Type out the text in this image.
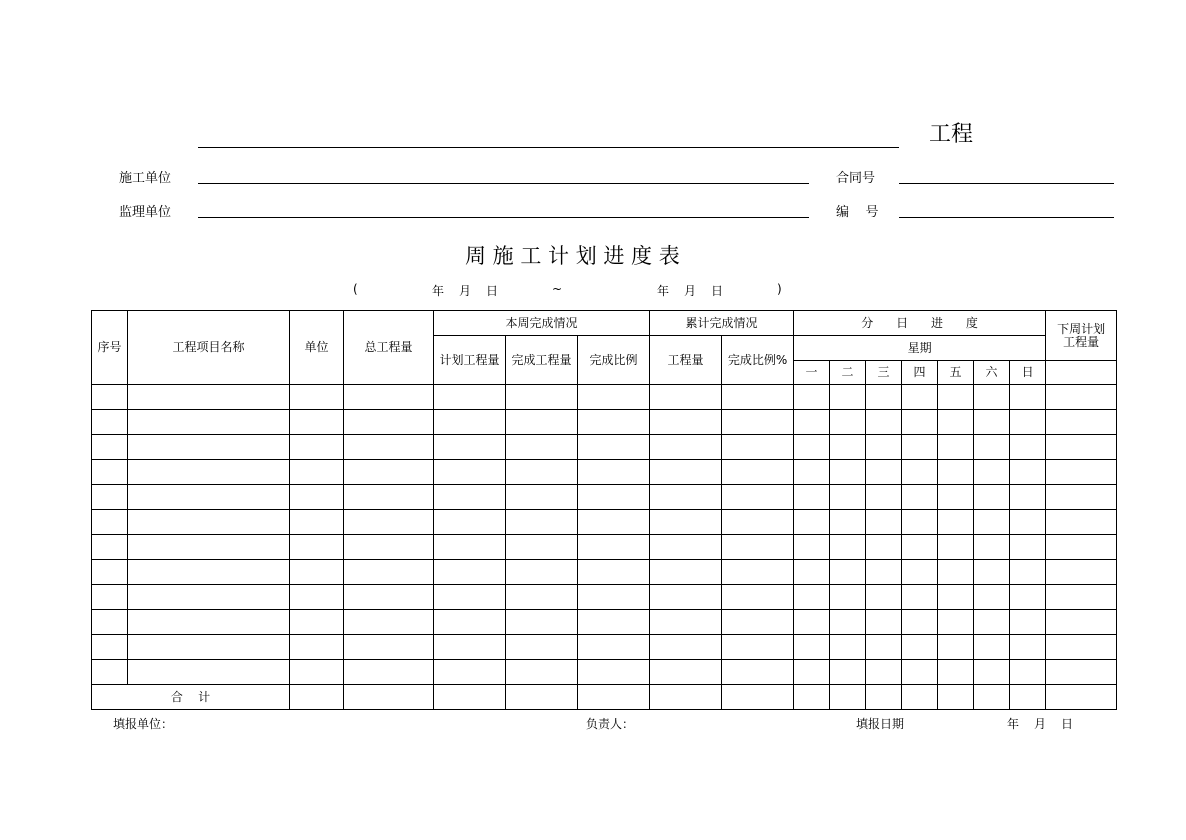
工程
施工单位	合同号
监理单位	编    号
周 施 工 计 划 进 度 表
(	年 月 日	~	年 月 日	)
序号	工程项目名称	单位	总工程量	本周完成情况			累计完成情况		分      日      进      度							下周计划工程量

				计划工程量	完成工程量	完成比例	工程量	完成比例%	星期							
									一	二	三	四	五	六	日	

合    计																
填报单位：	负责人：	填报日期	年 月 日
